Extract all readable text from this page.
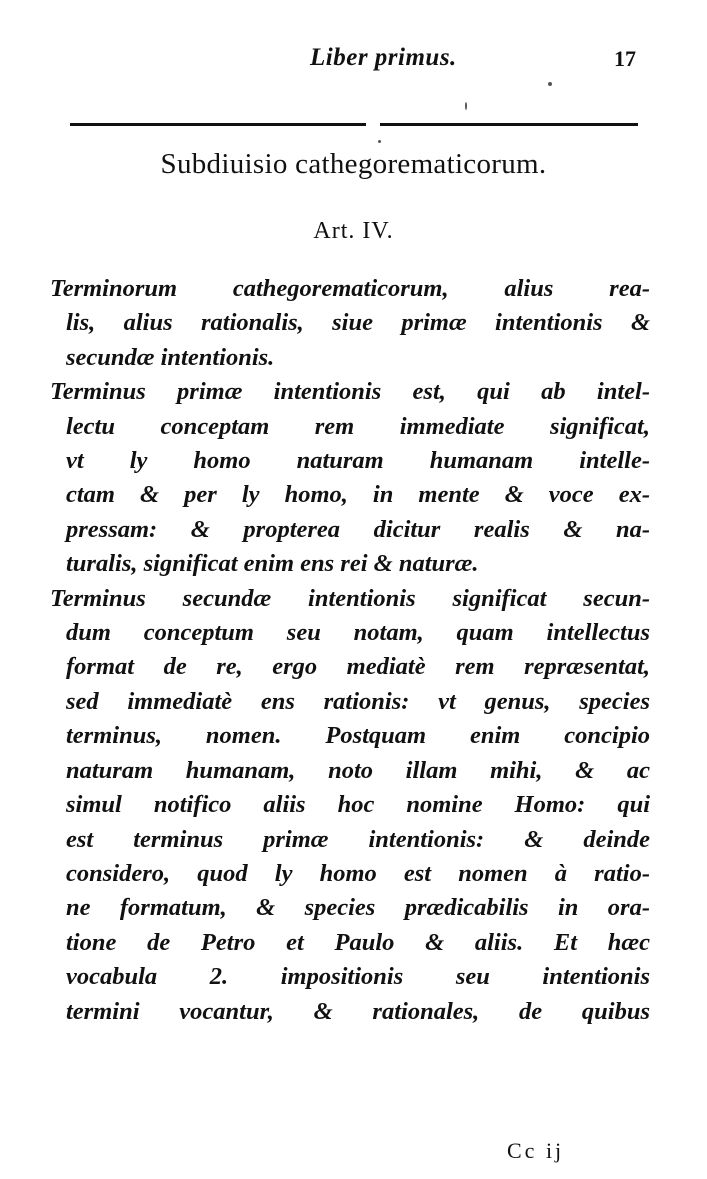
Liber primus.	17
Subdiuisio cathegorematicorum.
Art. IV.
Terminorum cathegorematicorum, alius rea-
lis, alius rationalis, siue primæ intentionis &
secundæ intentionis.
Terminus primæ intentionis est, qui ab intel-
lectu conceptam rem immediate significat,
vt ly homo naturam humanam intelle-
ctam & per ly homo, in mente & voce ex-
pressam: & propterea dicitur realis & na-
turalis, significat enim ens rei & naturæ.
Terminus secundæ intentionis significat secun-
dum conceptum seu notam, quam intellectus
format de re, ergo mediatè rem repræsentat,
sed immediatè ens rationis: vt genus, species
terminus, nomen. Postquam enim concipio
naturam humanam, noto illam mihi, & ac
simul notifico aliis hoc nomine Homo: qui
est terminus primæ intentionis: & deinde
considero, quod ly homo est nomen à ratio-
ne formatum, & species prædicabilis in ora-
tione de Petro et Paulo & aliis. Et hæc
vocabula 2. impositionis seu intentionis
termini vocantur, & rationales, de quibus
Cc ij
